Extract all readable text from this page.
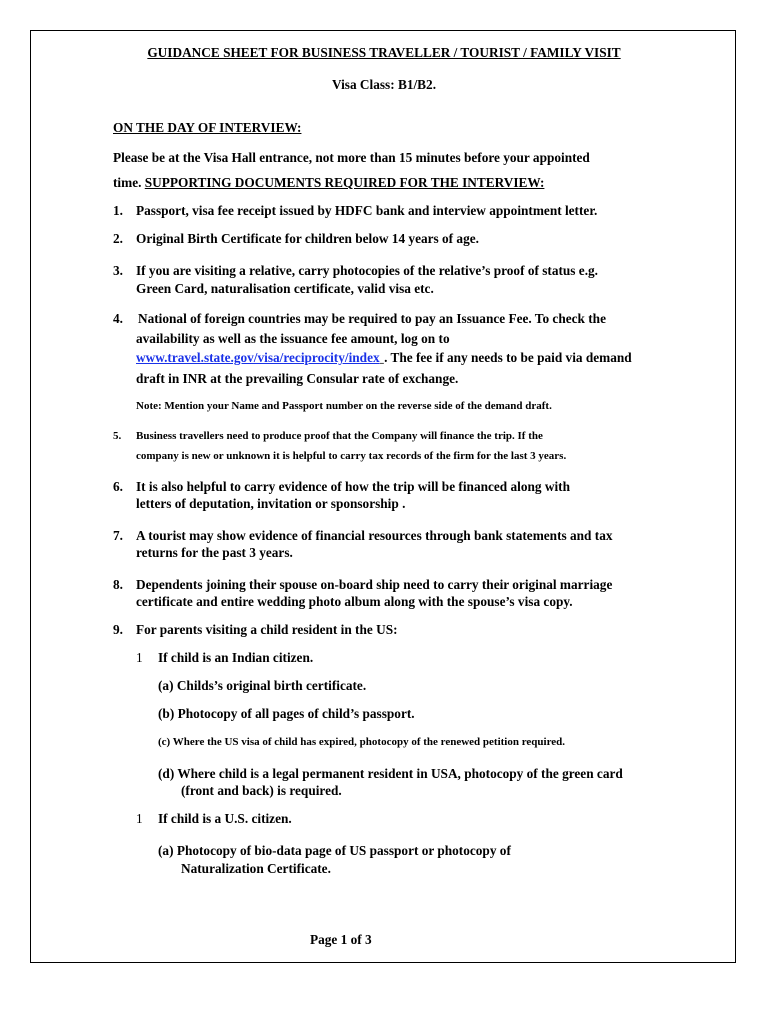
GUIDANCE SHEET FOR BUSINESS TRAVELLER / TOURIST / FAMILY VISIT
Visa Class: B1/B2.
ON THE DAY OF INTERVIEW:
Please be at the Visa Hall entrance, not more than 15 minutes before your appointed
time. SUPPORTING DOCUMENTS REQUIRED FOR THE INTERVIEW:
1. Passport, visa fee receipt issued by HDFC bank and interview appointment letter.
2. Original Birth Certificate for children below 14 years of age.
3. If you are visiting a relative, carry photocopies of the relative’s proof of status e.g.
Green Card, naturalisation certificate, valid visa etc.
4. National of foreign countries may be required to pay an Issuance Fee. To check the
availability as well as the issuance fee amount, log on to
www.travel.state.gov/visa/reciprocity/indexˍ. The fee if any needs to be paid via demand
draft in INR at the prevailing Consular rate of exchange.
Note: Mention your Name and Passport number on the reverse side of the demand draft.
5. Business travellers need to produce proof that the Company will finance the trip. If the
company is new or unknown it is helpful to carry tax records of the firm for the last 3 years.
6. It is also helpful to carry evidence of how the trip will be financed along with
letters of deputation, invitation or sponsorship .
7. A tourist may show evidence of financial resources through bank statements and tax
returns for the past 3 years.
8. Dependents joining their spouse on-board ship need to carry their original marriage
certificate and entire wedding photo album along with the spouse’s visa copy.
9. For parents visiting a child resident in the US:
1 If child is an Indian citizen.
(a) Childs’s original birth certificate.
(b) Photocopy of all pages of child’s passport.
(c) Where the US visa of child has expired, photocopy of the renewed petition required.
(d) Where child is a legal permanent resident in USA, photocopy of the green card
(front and back) is required.
1 If child is a U.S. citizen.
(a) Photocopy of bio-data page of US passport or photocopy of
Naturalization Certificate.
Page 1 of 3
